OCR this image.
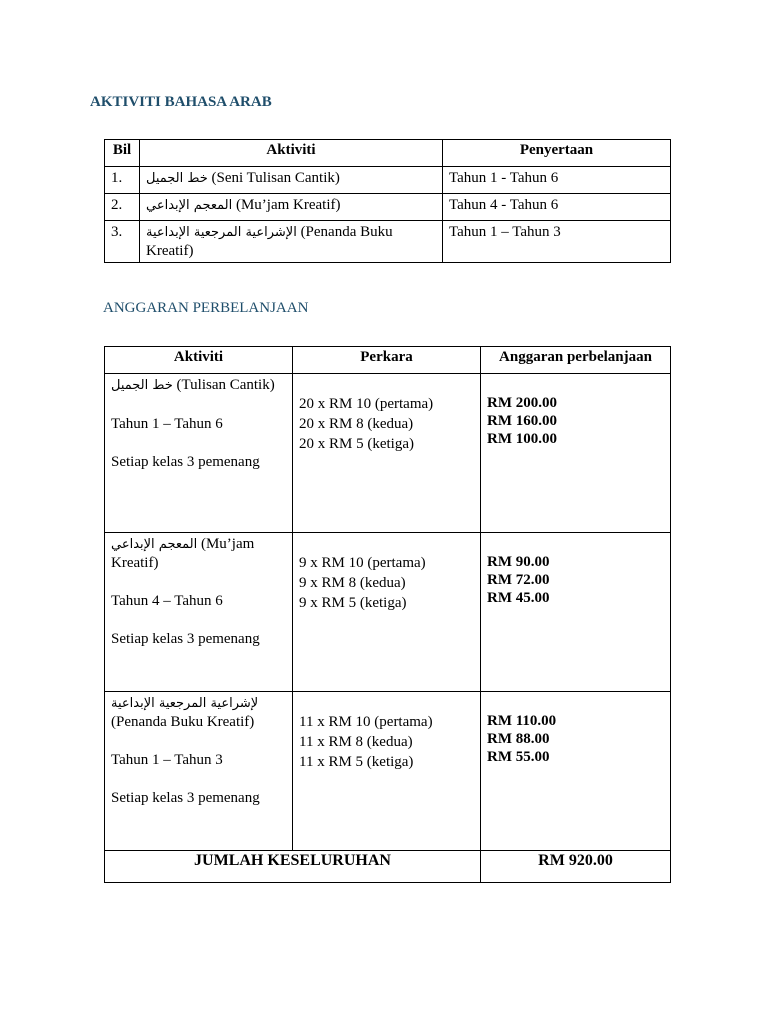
AKTIVITI BAHASA ARAB
Bil	Aktiviti	Penyertaan
1.	خط الجميل (Seni Tulisan Cantik)	Tahun 1 - Tahun 6
2.	المعجم الإبداعي (Mu’jam Kreatif)	Tahun 4 - Tahun 6
3.	الإشراعية المرجعية الإبداعية (Penanda Buku Kreatif)	Tahun 1 – Tahun 3
ANGGARAN PERBELANJAAN
Aktiviti	Perkara	Anggaran perbelanjaan

خط الجميل (Tulisan Cantik)
Tahun 1 – Tahun 6
Setiap kelas 3 pemenang	20 x RM 10 (pertama)
20 x RM 8 (kedua)
20 x RM 5 (ketiga)	RM 200.00
RM 160.00
RM 100.00

المعجم الإبداعي (Mu’jam Kreatif)
Tahun 4 – Tahun 6
Setiap kelas 3 pemenang	9 x RM 10 (pertama)
9 x RM 8 (kedua)
9 x RM 5 (ketiga)	RM 90.00
RM 72.00
RM 45.00

لإشراعية المرجعية الإبداعية
(Penanda Buku Kreatif)
Tahun 1 – Tahun 3
Setiap kelas 3 pemenang	11 x RM 10 (pertama)
11 x RM 8 (kedua)
11 x RM 5 (ketiga)	RM 110.00
RM 88.00
RM 55.00

JUMLAH KESELURUHAN		RM 920.00
